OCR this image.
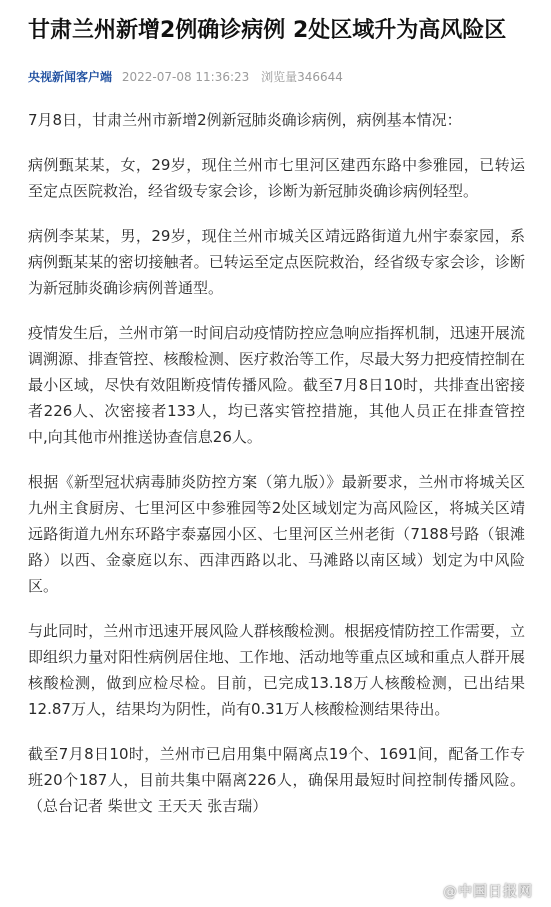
甘肃兰州新增2例确诊病例 2处区域升为高风险区
央视新闻客户端 2022-07-08 11:36:23 浏览量346644

7月8日，甘肃兰州市新增2例新冠肺炎确诊病例，病例基本情况：

病例甄某某，女，29岁，现住兰州市七里河区建西东路中参雅园，已转运至定点医院救治，经省级专家会诊，诊断为新冠肺炎确诊病例轻型。

病例李某某，男，29岁，现住兰州市城关区靖远路街道九州宇泰家园，系病例甄某某的密切接触者。已转运至定点医院救治，经省级专家会诊，诊断为新冠肺炎确诊病例普通型。

疫情发生后，兰州市第一时间启动疫情防控应急响应指挥机制，迅速开展流调溯源、排查管控、核酸检测、医疗救治等工作，尽最大努力把疫情控制在最小区域，尽快有效阻断疫情传播风险。截至7月8日10时，共排查出密接者226人、次密接者133人，均已落实管控措施，其他人员正在排查管控中,向其他市州推送协查信息26人。

根据《新型冠状病毒肺炎防控方案（第九版）》最新要求，兰州市将城关区九州主食厨房、七里河区中参雅园等2处区域划定为高风险区，将城关区靖远路街道九州东环路宇泰嘉园小区、七里河区兰州老街（7188号路（银滩路）以西、金豪庭以东、西津西路以北、马滩路以南区域）划定为中风险区。

与此同时，兰州市迅速开展风险人群核酸检测。根据疫情防控工作需要，立即组织力量对阳性病例居住地、工作地、活动地等重点区域和重点人群开展核酸检测，做到应检尽检。目前，已完成13.18万人核酸检测，已出结果12.87万人，结果均为阴性，尚有0.31万人核酸检测结果待出。

截至7月8日10时，兰州市已启用集中隔离点19个、1691间，配备工作专班20个187人，目前共集中隔离226人，确保用最短时间控制传播风险。（总台记者 柴世文 王天天 张吉瑞）

@中国日报网
